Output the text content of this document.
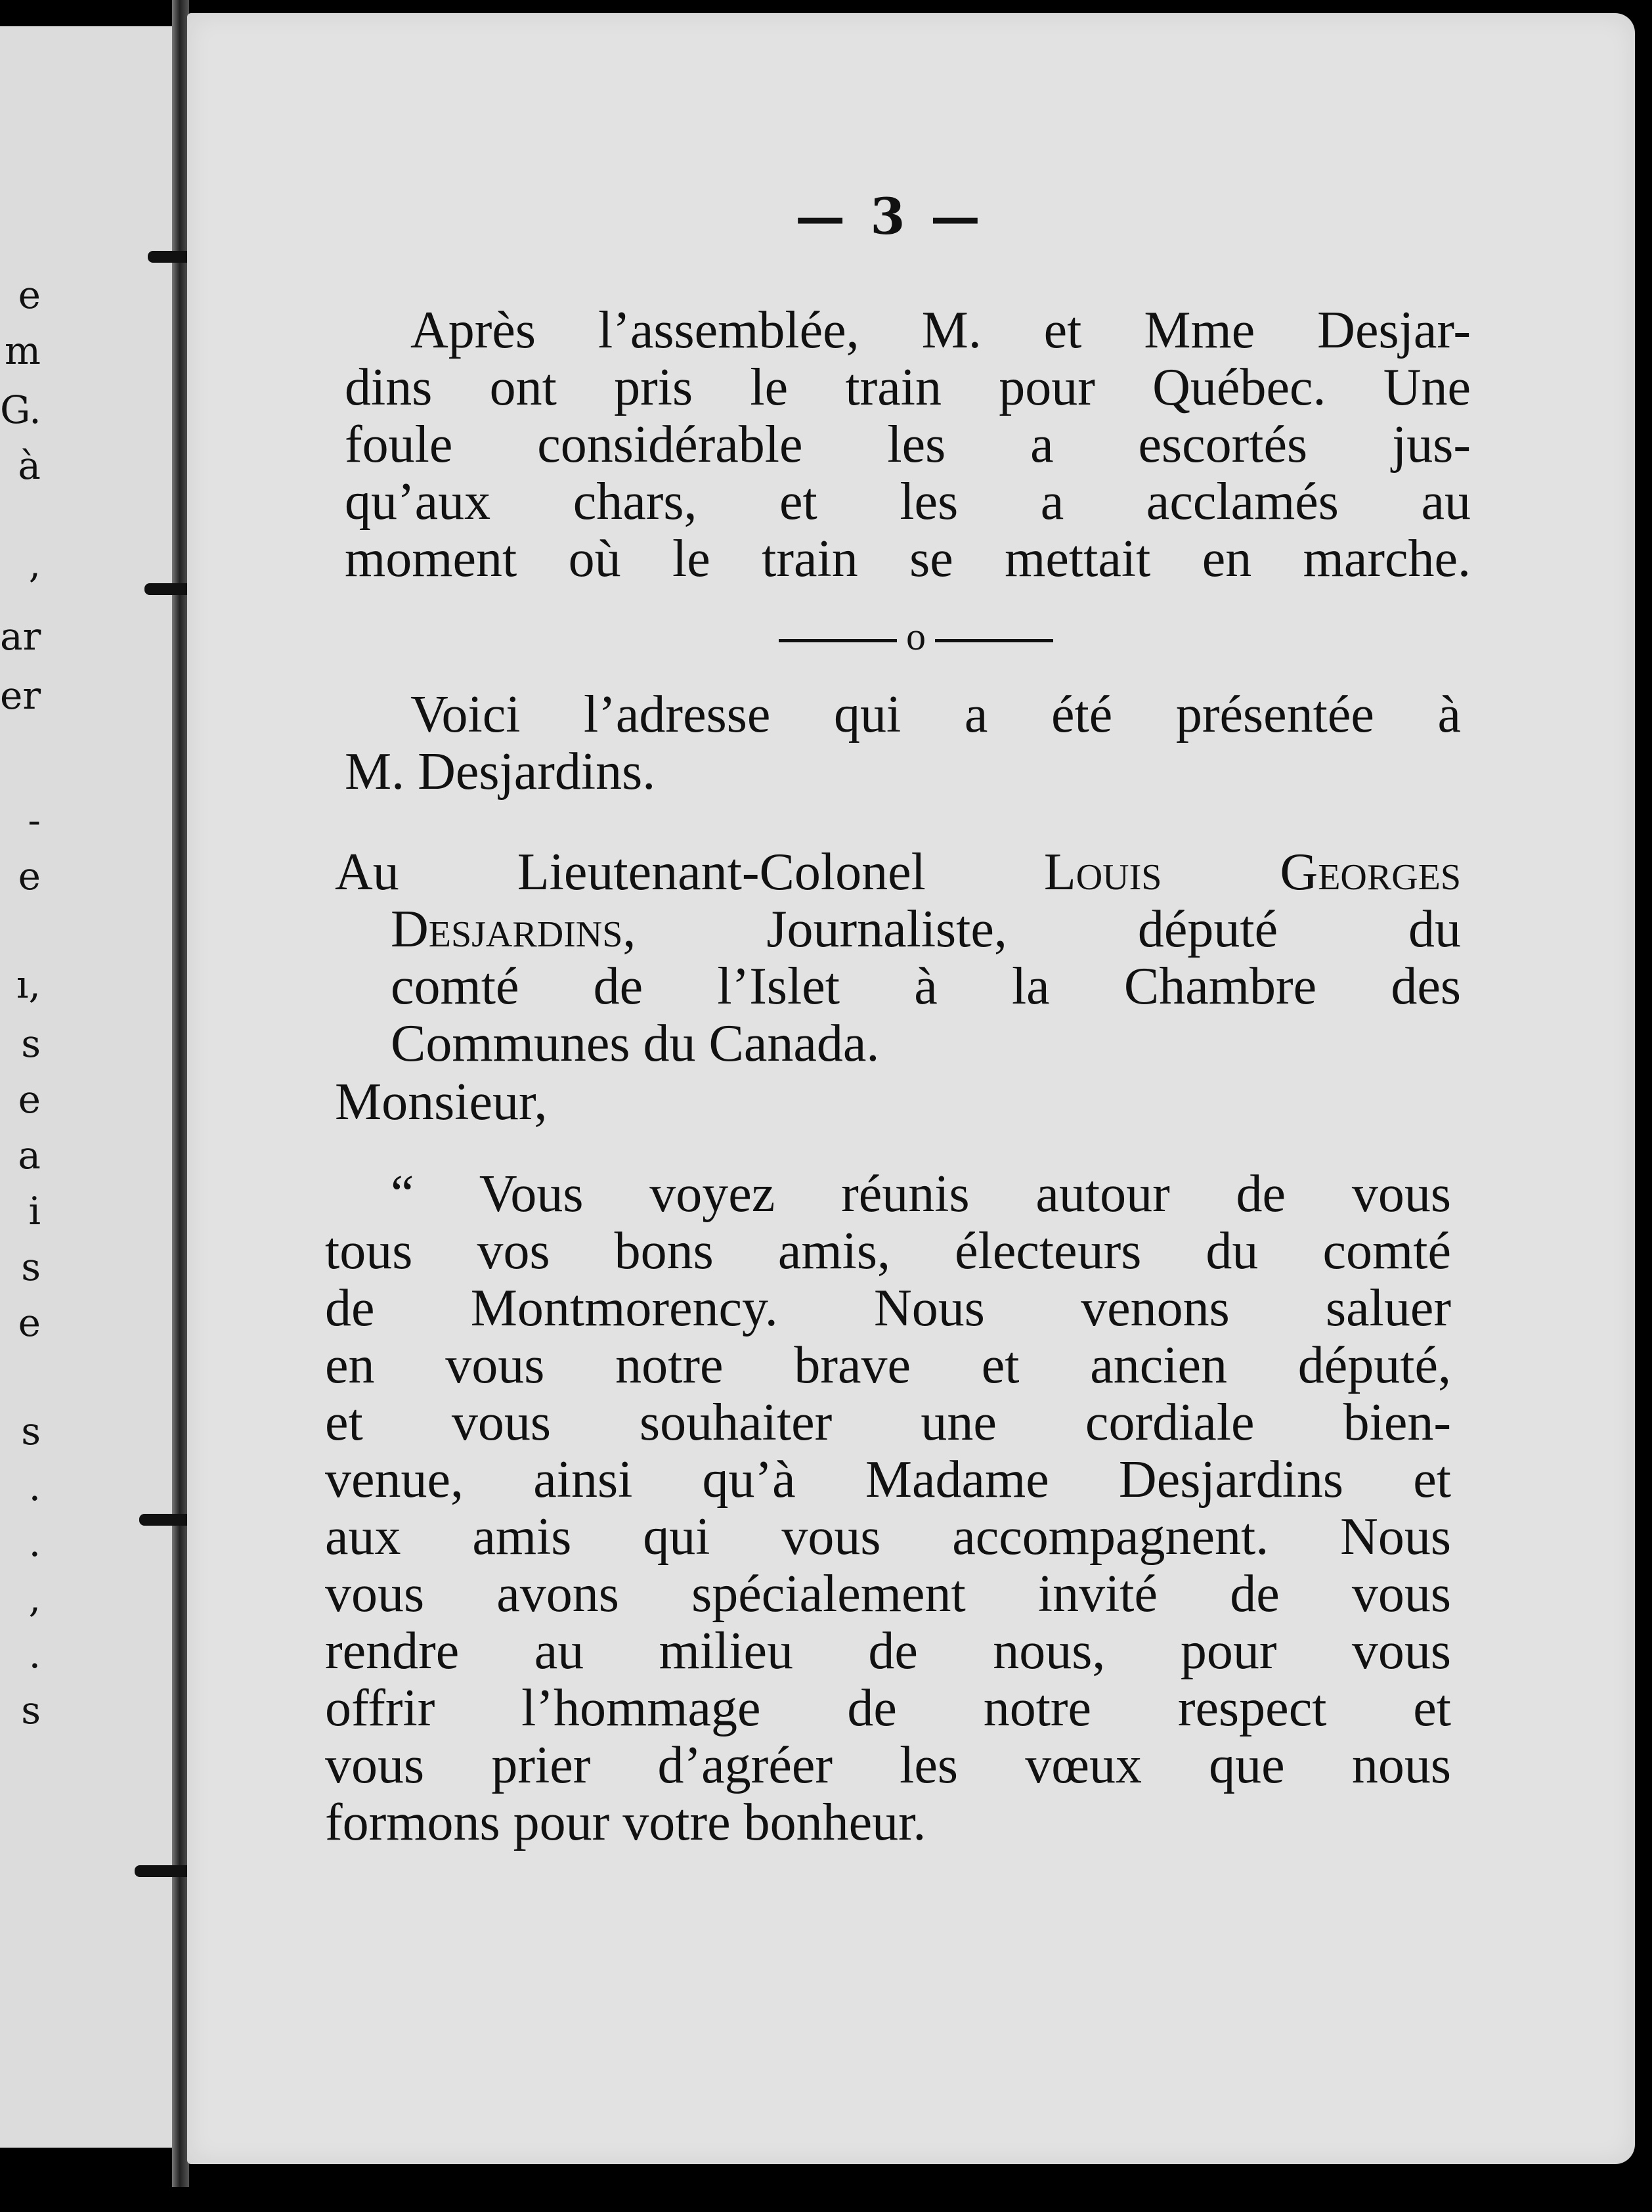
e
m
G.
à
,
ar
er
-
e
ı,
s
e
a
i
s
e
s
.
.
,
.
s
— 3 —
Après l’assemblée, M. et Mme Desjar-
dins ont pris le train pour Québec. Une
foule considérable les a escortés jus-
qu’aux chars, et les a acclamés au
moment où le train se mettait en marche.
o
Voici l’adresse qui a été présentée à
M. Desjardins.
Au Lieutenant-Colonel Louis Georges
Desjardins, Journaliste, député du
comté de l’Islet à la Chambre des
Communes du Canada.
Monsieur,
“ Vous voyez réunis autour de vous
tous vos bons amis, électeurs du comté
de Montmorency. Nous venons saluer
en vous notre brave et ancien député,
et vous souhaiter une cordiale bien-
venue, ainsi qu’à Madame Desjardins et
aux amis qui vous accompagnent. Nous
vous avons spécialement invité de vous
rendre au milieu de nous, pour vous
offrir l’hommage de notre respect et
vous prier d’agréer les vœux que nous
formons pour votre bonheur.
